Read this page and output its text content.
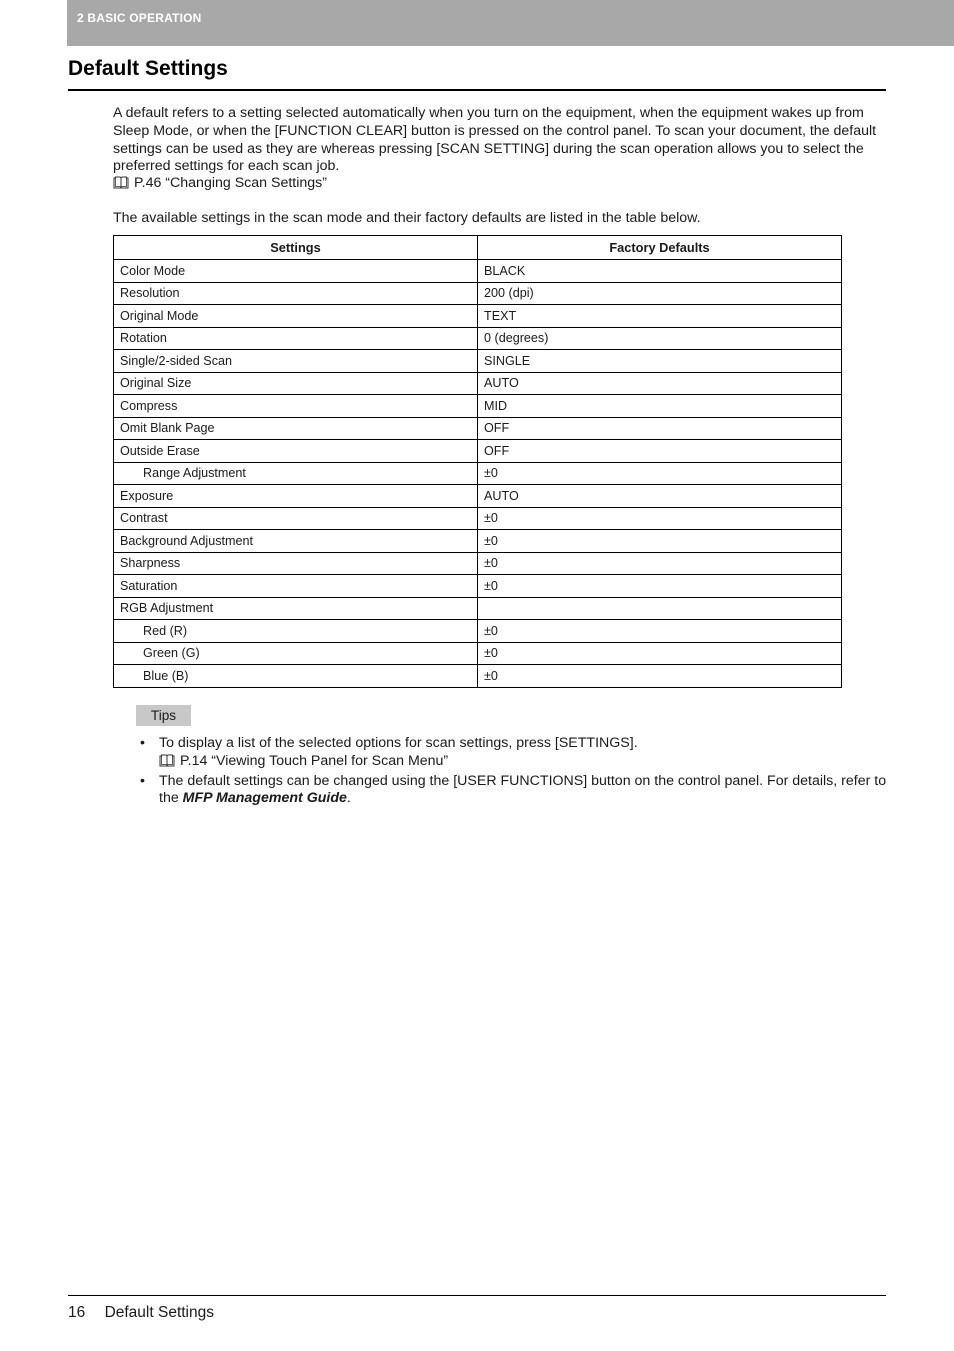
2 BASIC OPERATION
Default Settings

A default refers to a setting selected automatically when you turn on the equipment, when the equipment wakes up from Sleep Mode, or when the [FUNCTION CLEAR] button is pressed on the control panel. To scan your document, the default settings can be used as they are whereas pressing [SCAN SETTING] during the scan operation allows you to select the preferred settings for each scan job.

P.46 “Changing Scan Settings”

The available settings in the scan mode and their factory defaults are listed in the table below.

Settings	Factory Defaults
Color Mode	BLACK
Resolution	200 (dpi)
Original Mode	TEXT
Rotation	0 (degrees)
Single/2-sided Scan	SINGLE
Original Size	AUTO
Compress	MID
Omit Blank Page	OFF
Outside Erase	OFF
Range Adjustment	±0
Exposure	AUTO
Contrast	±0
Background Adjustment	±0
Sharpness	±0
Saturation	±0
RGB Adjustment	
Red (R)	±0
Green (G)	±0
Blue (B)	±0
Tips
• To display a list of the selected options for scan settings, press [SETTINGS].
P.14 “Viewing Touch Panel for Scan Menu”
• The default settings can be changed using the [USER FUNCTIONS] button on the control panel. For details, refer to the MFP Management Guide.
16 Default Settings
